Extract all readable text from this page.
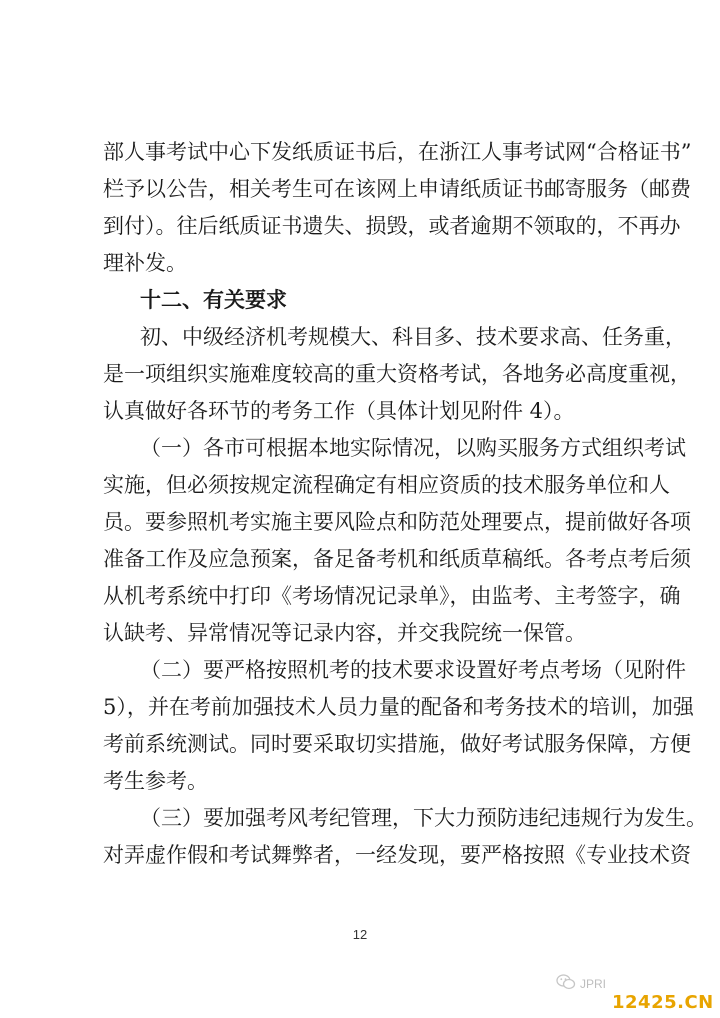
部人事考试中心下发纸质证书后，在浙江人事考试网“合格证书”
栏予以公告，相关考生可在该网上申请纸质证书邮寄服务（邮费
到付）。往后纸质证书遗失、损毁，或者逾期不领取的，不再办
理补发。
十二、有关要求
初、中级经济机考规模大、科目多、技术要求高、任务重，
是一项组织实施难度较高的重大资格考试，各地务必高度重视，
认真做好各环节的考务工作（具体计划见附件 4）。
（一）各市可根据本地实际情况，以购买服务方式组织考试
实施，但必须按规定流程确定有相应资质的技术服务单位和人
员。要参照机考实施主要风险点和防范处理要点，提前做好各项
准备工作及应急预案，备足备考机和纸质草稿纸。各考点考后须
从机考系统中打印《考场情况记录单》，由监考、主考签字，确
认缺考、异常情况等记录内容，并交我院统一保管。
（二）要严格按照机考的技术要求设置好考点考场（见附件
5），并在考前加强技术人员力量的配备和考务技术的培训，加强
考前系统测试。同时要采取切实措施，做好考试服务保障，方便
考生参考。
（三）要加强考风考纪管理，下大力预防违纪违规行为发生。
对弄虚作假和考试舞弊者，一经发现，要严格按照《专业技术资
12
JPRI
12425.CN
